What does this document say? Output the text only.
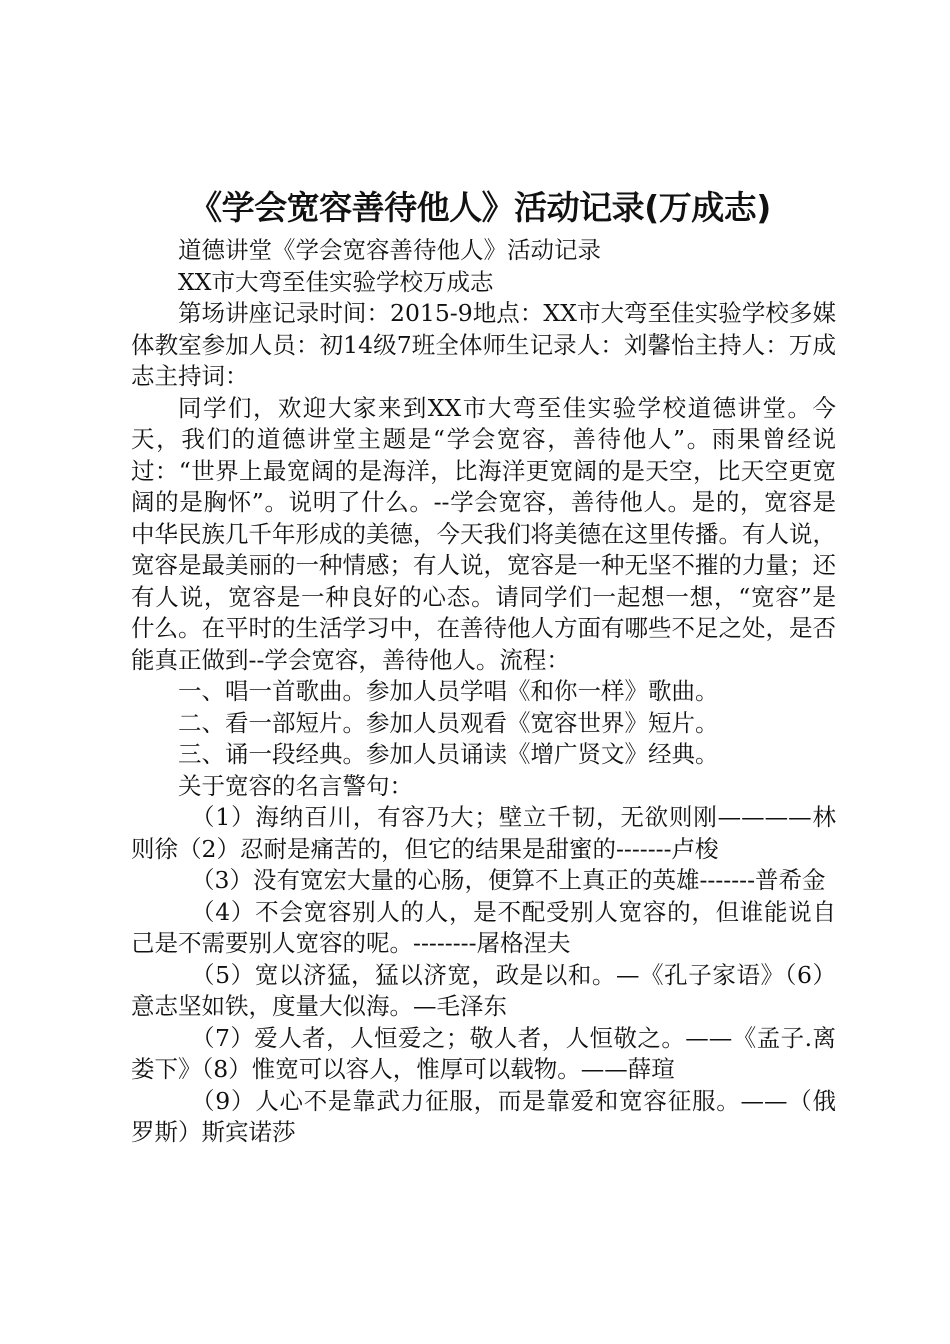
《学会宽容善待他人》活动记录(万成志)

道德讲堂《学会宽容善待他人》活动记录

XX市大弯至佳实验学校万成志

第场讲座记录时间：2015-9地点：XX市大弯至佳实验学校多媒体教室参加人员：初14级7班全体师生记录人：刘馨怡主持人：万成志主持词：

同学们，欢迎大家来到XX市大弯至佳实验学校道德讲堂。今天，我们的道德讲堂主题是“学会宽容，善待他人”。雨果曾经说过：“世界上最宽阔的是海洋，比海洋更宽阔的是天空，比天空更宽阔的是胸怀”。说明了什么。--学会宽容，善待他人。是的，宽容是中华民族几千年形成的美德，今天我们将美德在这里传播。有人说，宽容是最美丽的一种情感；有人说，宽容是一种无坚不摧的力量；还有人说，宽容是一种良好的心态。请同学们一起想一想，“宽容”是什么。在平时的生活学习中，在善待他人方面有哪些不足之处，是否能真正做到--学会宽容，善待他人。流程：

一、唱一首歌曲。参加人员学唱《和你一样》歌曲。

二、看一部短片。参加人员观看《宽容世界》短片。

三、诵一段经典。参加人员诵读《增广贤文》经典。

关于宽容的名言警句：

（1）海纳百川，有容乃大；壁立千韧，无欲则刚————林则徐（2）忍耐是痛苦的，但它的结果是甜蜜的-------卢梭

（3）没有宽宏大量的心肠，便算不上真正的英雄-------普希金

（4）不会宽容别人的人，是不配受别人宽容的，但谁能说自己是不需要别人宽容的呢。--------屠格涅夫

（5）宽以济猛，猛以济宽，政是以和。—《孔子家语》（6）意志坚如铁，度量大似海。—毛泽东

（7）爱人者，人恒爱之；敬人者，人恒敬之。——《孟子.离娄下》（8）惟宽可以容人，惟厚可以载物。——薛瑄

（9）人心不是靠武力征服，而是靠爱和宽容征服。——（俄罗斯）斯宾诺莎
